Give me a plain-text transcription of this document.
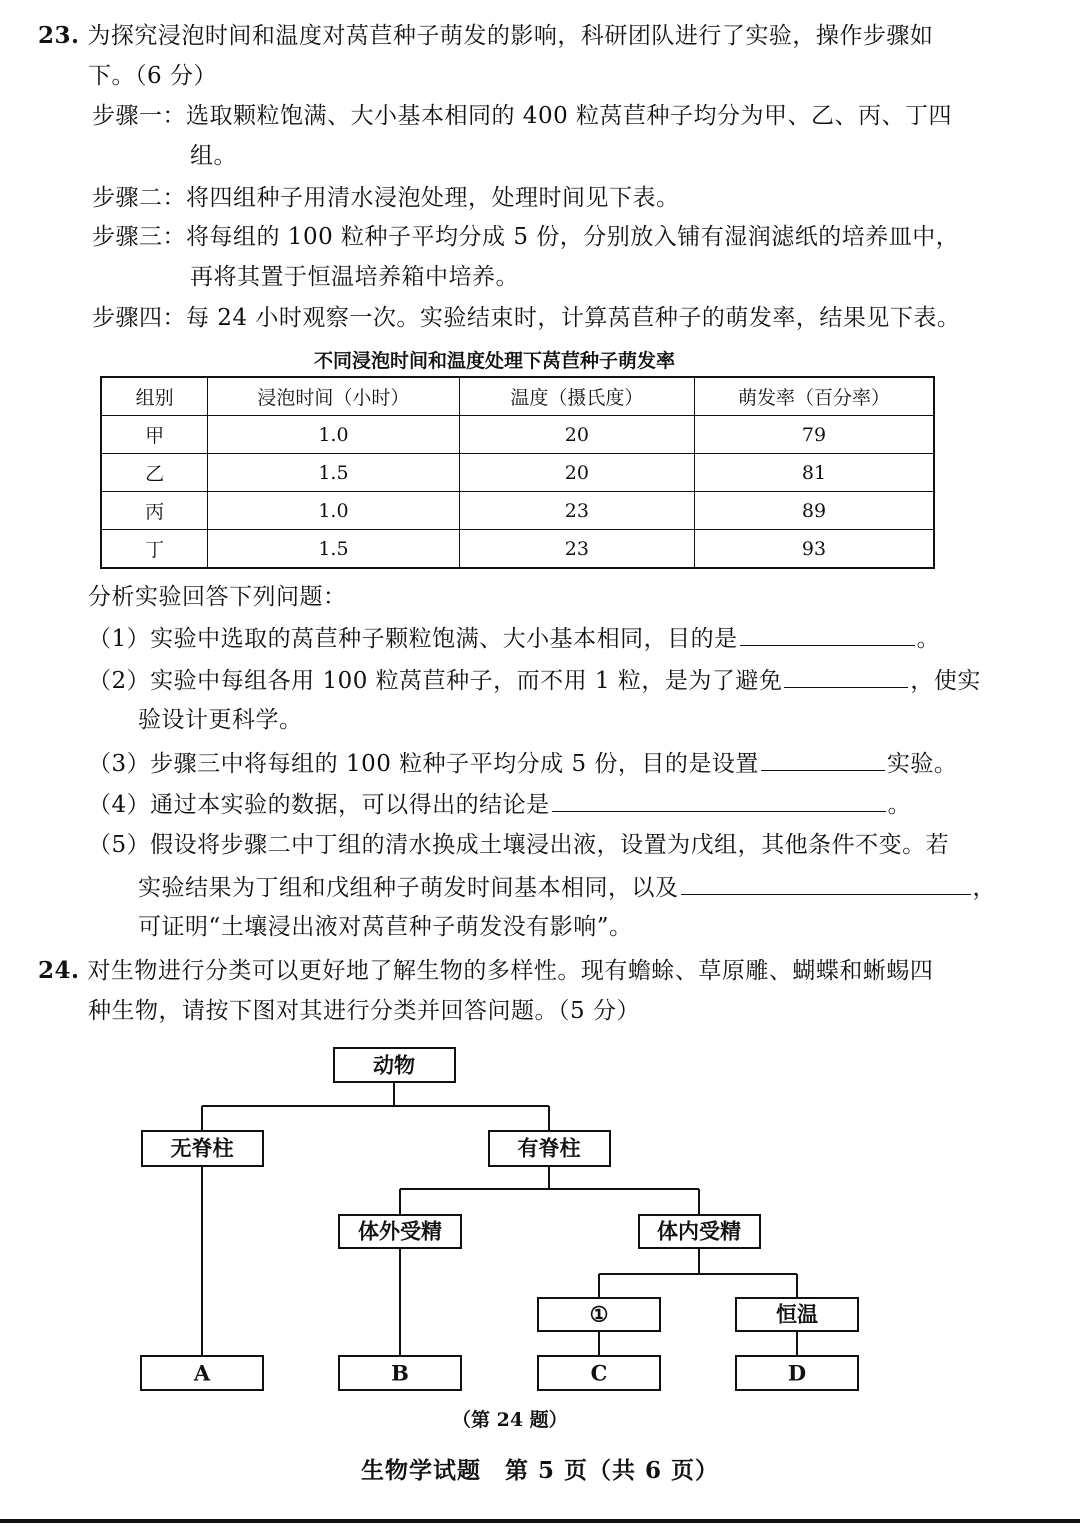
23. 为探究浸泡时间和温度对莴苣种子萌发的影响，科研团队进行了实验，操作步骤如
下。（6 分）
步骤一：选取颗粒饱满、大小基本相同的 400 粒莴苣种子均分为甲、乙、丙、丁四
组。
步骤二：将四组种子用清水浸泡处理，处理时间见下表。
步骤三：将每组的 100 粒种子平均分成 5 份，分别放入铺有湿润滤纸的培养皿中，
再将其置于恒温培养箱中培养。
步骤四：每 24 小时观察一次。实验结束时，计算莴苣种子的萌发率，结果见下表。
不同浸泡时间和温度处理下莴苣种子萌发率
组别	浸泡时间（小时）	温度（摄氏度）	萌发率（百分率）
甲	1.0	20	79
乙	1.5	20	81
丙	1.0	23	89
丁	1.5	23	93
分析实验回答下列问题：
（1）实验中选取的莴苣种子颗粒饱满、大小基本相同，目的是	。
（2）实验中每组各用 100 粒莴苣种子，而不用 1 粒，是为了避免	，使实
验设计更科学。
（3）步骤三中将每组的 100 粒种子平均分成 5 份，目的是设置	实验。
（4）通过本实验的数据，可以得出的结论是	。
（5）假设将步骤二中丁组的清水换成土壤浸出液，设置为戊组，其他条件不变。若
实验结果为丁组和戊组种子萌发时间基本相同，以及	，
可证明“土壤浸出液对莴苣种子萌发没有影响”。
24. 对生物进行分类可以更好地了解生物的多样性。现有蟾蜍、草原雕、蝴蝶和蜥蜴四
种生物，请按下图对其进行分类并回答问题。（5 分）
动物
无脊柱	有脊柱
体外受精	体内受精
①	恒温
A	B	C	D
（第 24 题）
生物学试题　第 5 页（共 6 页）
